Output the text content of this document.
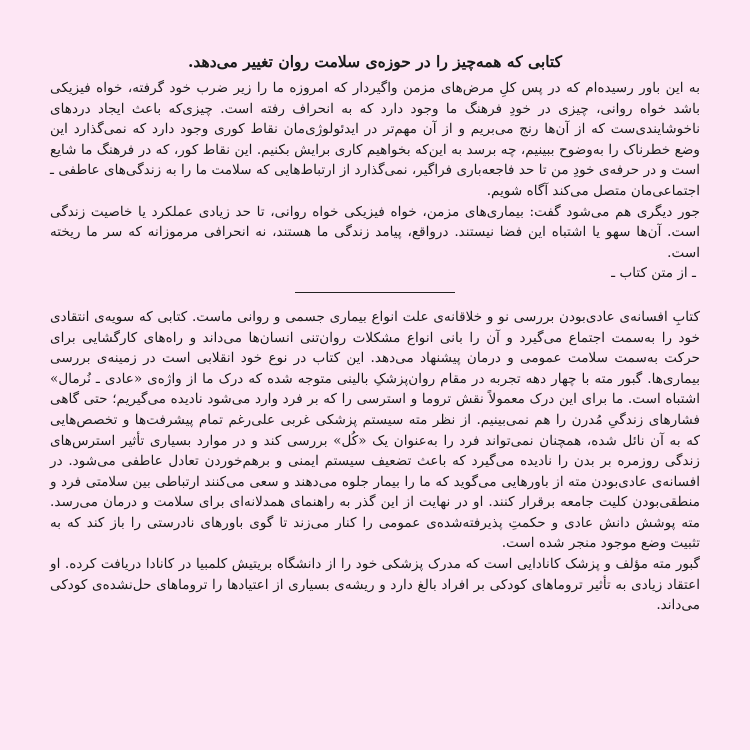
کتابی که همه‌چیز را در حوزه‌ی سلامت روان تغییر می‌دهد.

به این باور رسیده‌ام که در پس کلِ مرض‌های مزمن واگیردار که امروزه ما را زیر ضرب خود گرفته، خواه فیزیکی باشد خواه روانی، چیزی در خودِ فرهنگ ما وجود دارد که به انحراف رفته است. چیزی‌که باعث ایجاد دردهای ناخوشایندی‌ست که از آن‌ها رنج می‌بریم و از آن مهم‌تر در ایدئولوژی‌مان نقاط کوری وجود دارد که نمی‌گذارد این وضع خطرناک را به‌وضوح ببینیم، چه برسد به این‌که بخواهیم کاری برایش بکنیم. این نقاط کور، که در فرهنگ ما شایع است و در حرفه‌ی خودِ من تا حد فاجعه‌باری فراگیر، نمی‌گذارد از ارتباط‌هایی که سلامت ما را به زندگی‌های عاطفی ـ اجتماعی‌مان متصل می‌کند آگاه شویم.

جور دیگری هم می‌شود گفت: بیماری‌های مزمن، خواه فیزیکی خواه روانی، تا حد زیادی عملکرد یا خاصیت زندگی است. آن‌ها سهو یا اشتباه این فضا نیستند. درواقع، پیامد زندگی ما هستند، نه انحرافی مرموزانه که سر ما ریخته است.

ـ از متن کتاب ـ

کتابِ افسانه‌ی عادی‌بودن بررسی نو و خلاقانه‌ی علت انواع بیماری جسمی و روانی ماست. کتابی که سویه‌ی انتقادی خود را به‌سمت اجتماع می‌گیرد و آن را بانی انواع مشکلات روان‌تنی انسان‌ها می‌داند و راه‌های کارگشایی برای حرکت به‌سمت سلامت عمومی و درمان پیشنهاد می‌دهد. این کتاب در نوع خود انقلابی است در زمینه‌ی بررسی بیماری‌ها. گبور مته با چهار دهه تجربه در مقام روان‌پزشکِ بالینی متوجه شده که درک ما از واژه‌ی «عادی ـ نُرمال» اشتباه است. ما برای این درک معمولاً نقش تروما و استرسی را که بر فرد وارد می‌شود نادیده می‌گیریم؛ حتی گاهی فشارهای زندگیِ مُدرن را هم نمی‌بینیم. از نظر مته سیستم پزشکی غربی علی‌رغم تمام پیشرفت‌ها و تخصص‌هایی که به آن نائل شده، همچنان نمی‌تواند فرد را به‌عنوان یک «کُل» بررسی کند و در موارد بسیاری تأثیر استرس‌های زندگی روزمره بر بدن را نادیده می‌گیرد که باعث تضعیف سیستم ایمنی و برهم‌خوردن تعادل عاطفی می‌شود. در افسانه‌ی عادی‌بودن مته از باورهایی می‌گوید که ما را بیمار جلوه می‌دهند و سعی می‌کنند ارتباطی بین سلامتی فرد و منطقی‌بودن کلیت جامعه برقرار کنند. او در نهایت از این گذر به راهنمای همدلانه‌ای برای سلامت و درمان می‌رسد. مته پوشش دانش عادی و حکمتِ پذیرفته‌شده‌ی عمومی را کنار می‌زند تا گوی باورهای نادرستی را باز کند که به تثبیت وضع موجود منجر شده است.

گبور مته مؤلف و پزشک کانادایی است که مدرک پزشکی خود را از دانشگاه بریتیش کلمبیا در کانادا دریافت کرده. او اعتقاد زیادی به تأثیر تروماهای کودکی بر افراد بالغ دارد و ریشه‌ی بسیاری از اعتیادها را تروماهای حل‌نشده‌ی کودکی می‌داند.
